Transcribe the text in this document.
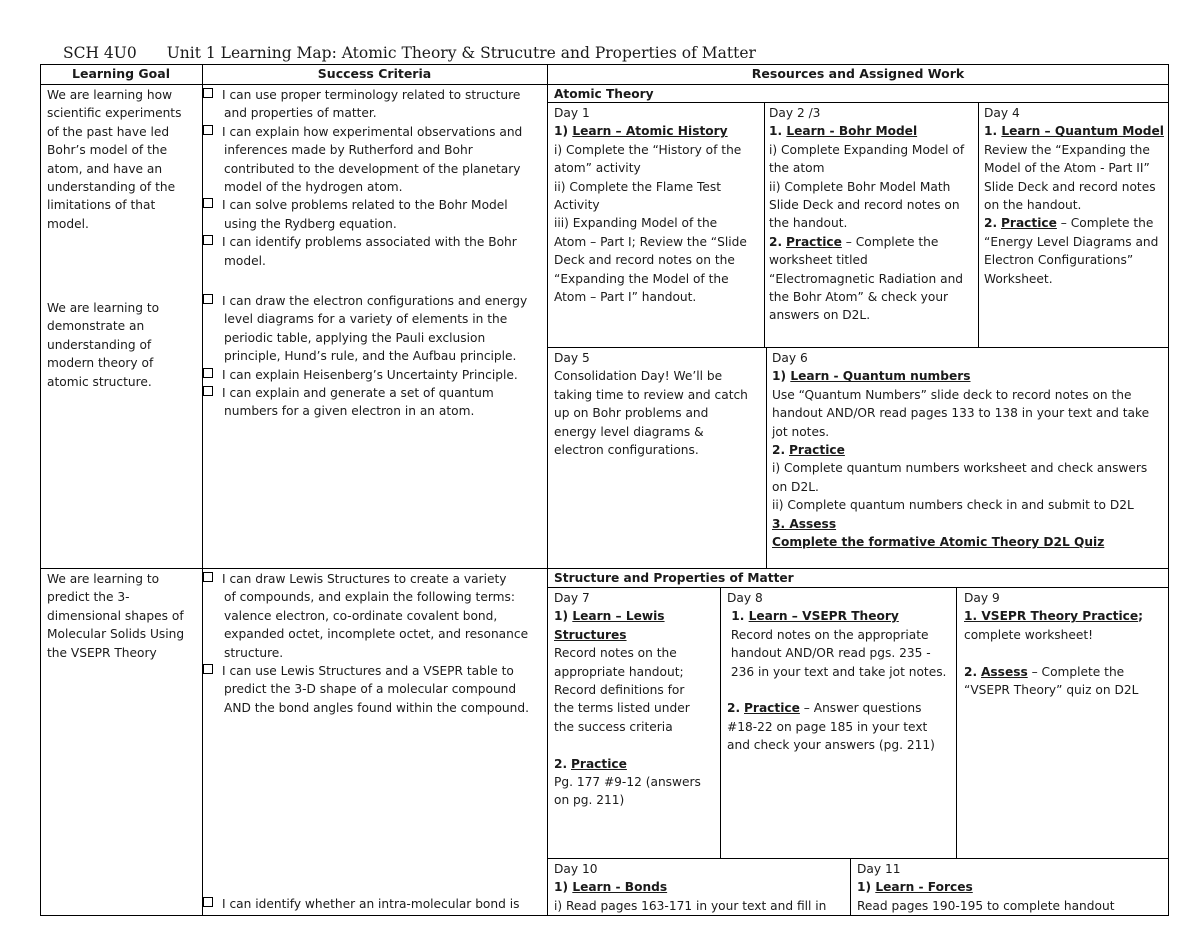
SCH 4U0 Unit 1 Learning Map: Atomic Theory & Strucutre and Properties of Matter
Learning Goal	Success Criteria	Resources and Assigned Work
We are learning how
scientific experiments
of the past have led
Bohr’s model of the
atom, and have an
understanding of the
limitations of that
model.
We are learning to
demonstrate an
understanding of
modern theory of
atomic structure.
I can use proper terminology related to structure
and properties of matter.
I can explain how experimental observations and
inferences made by Rutherford and Bohr
contributed to the development of the planetary
model of the hydrogen atom.
I can solve problems related to the Bohr Model
using the Rydberg equation.
I can identify problems associated with the Bohr
model.
I can draw the electron configurations and energy
level diagrams for a variety of elements in the
periodic table, applying the Pauli exclusion
principle, Hund’s rule, and the Aufbau principle.
I can explain Heisenberg’s Uncertainty Principle.
I can explain and generate a set of quantum
numbers for a given electron in an atom.
Atomic Theory
Day 1
1) Learn – Atomic History
i) Complete the “History of the
atom” activity
ii) Complete the Flame Test
Activity
iii) Expanding Model of the
Atom – Part I; Review the “Slide
Deck and record notes on the
“Expanding the Model of the
Atom – Part I” handout.
Day 2 /3
1. Learn - Bohr Model
i) Complete Expanding Model of
the atom
ii) Complete Bohr Model Math
Slide Deck and record notes on
the handout.
2. Practice – Complete the
worksheet titled
“Electromagnetic Radiation and
the Bohr Atom” & check your
answers on D2L.
Day 4
1. Learn – Quantum Model
Review the “Expanding the
Model of the Atom - Part II”
Slide Deck and record notes
on the handout.
2. Practice – Complete the
“Energy Level Diagrams and
Electron Configurations”
Worksheet.
Day 5
Consolidation Day! We’ll be
taking time to review and catch
up on Bohr problems and
energy level diagrams &
electron configurations.
Day 6
1) Learn - Quantum numbers
Use “Quantum Numbers” slide deck to record notes on the
handout AND/OR read pages 133 to 138 in your text and take
jot notes.
2. Practice
i) Complete quantum numbers worksheet and check answers
on D2L.
ii) Complete quantum numbers check in and submit to D2L
3. Assess
Complete the formative Atomic Theory D2L Quiz
We are learning to
predict the 3-
dimensional shapes of
Molecular Solids Using
the VSEPR Theory
I can draw Lewis Structures to create a variety
of compounds, and explain the following terms:
valence electron, co-ordinate covalent bond,
expanded octet, incomplete octet, and resonance
structure.
I can use Lewis Structures and a VSEPR table to
predict the 3-D shape of a molecular compound
AND the bond angles found within the compound.
I can identify whether an intra-molecular bond is
Structure and Properties of Matter
Day 7
1) Learn – Lewis
Structures
Record notes on the
appropriate handout;
Record definitions for
the terms listed under
the success criteria

2. Practice
Pg. 177 #9-12 (answers
on pg. 211)
Day 8
1. Learn – VSEPR Theory
Record notes on the appropriate
handout AND/OR read pgs. 235 -
236 in your text and take jot notes.

2. Practice – Answer questions
#18-22 on page 185 in your text
and check your answers (pg. 211)
Day 9
1. VSEPR Theory Practice;
complete worksheet!

2. Assess – Complete the
“VSEPR Theory” quiz on D2L
Day 10
1) Learn - Bonds
i) Read pages 163-171 in your text and fill in
Day 11
1) Learn - Forces
Read pages 190-195 to complete handout
